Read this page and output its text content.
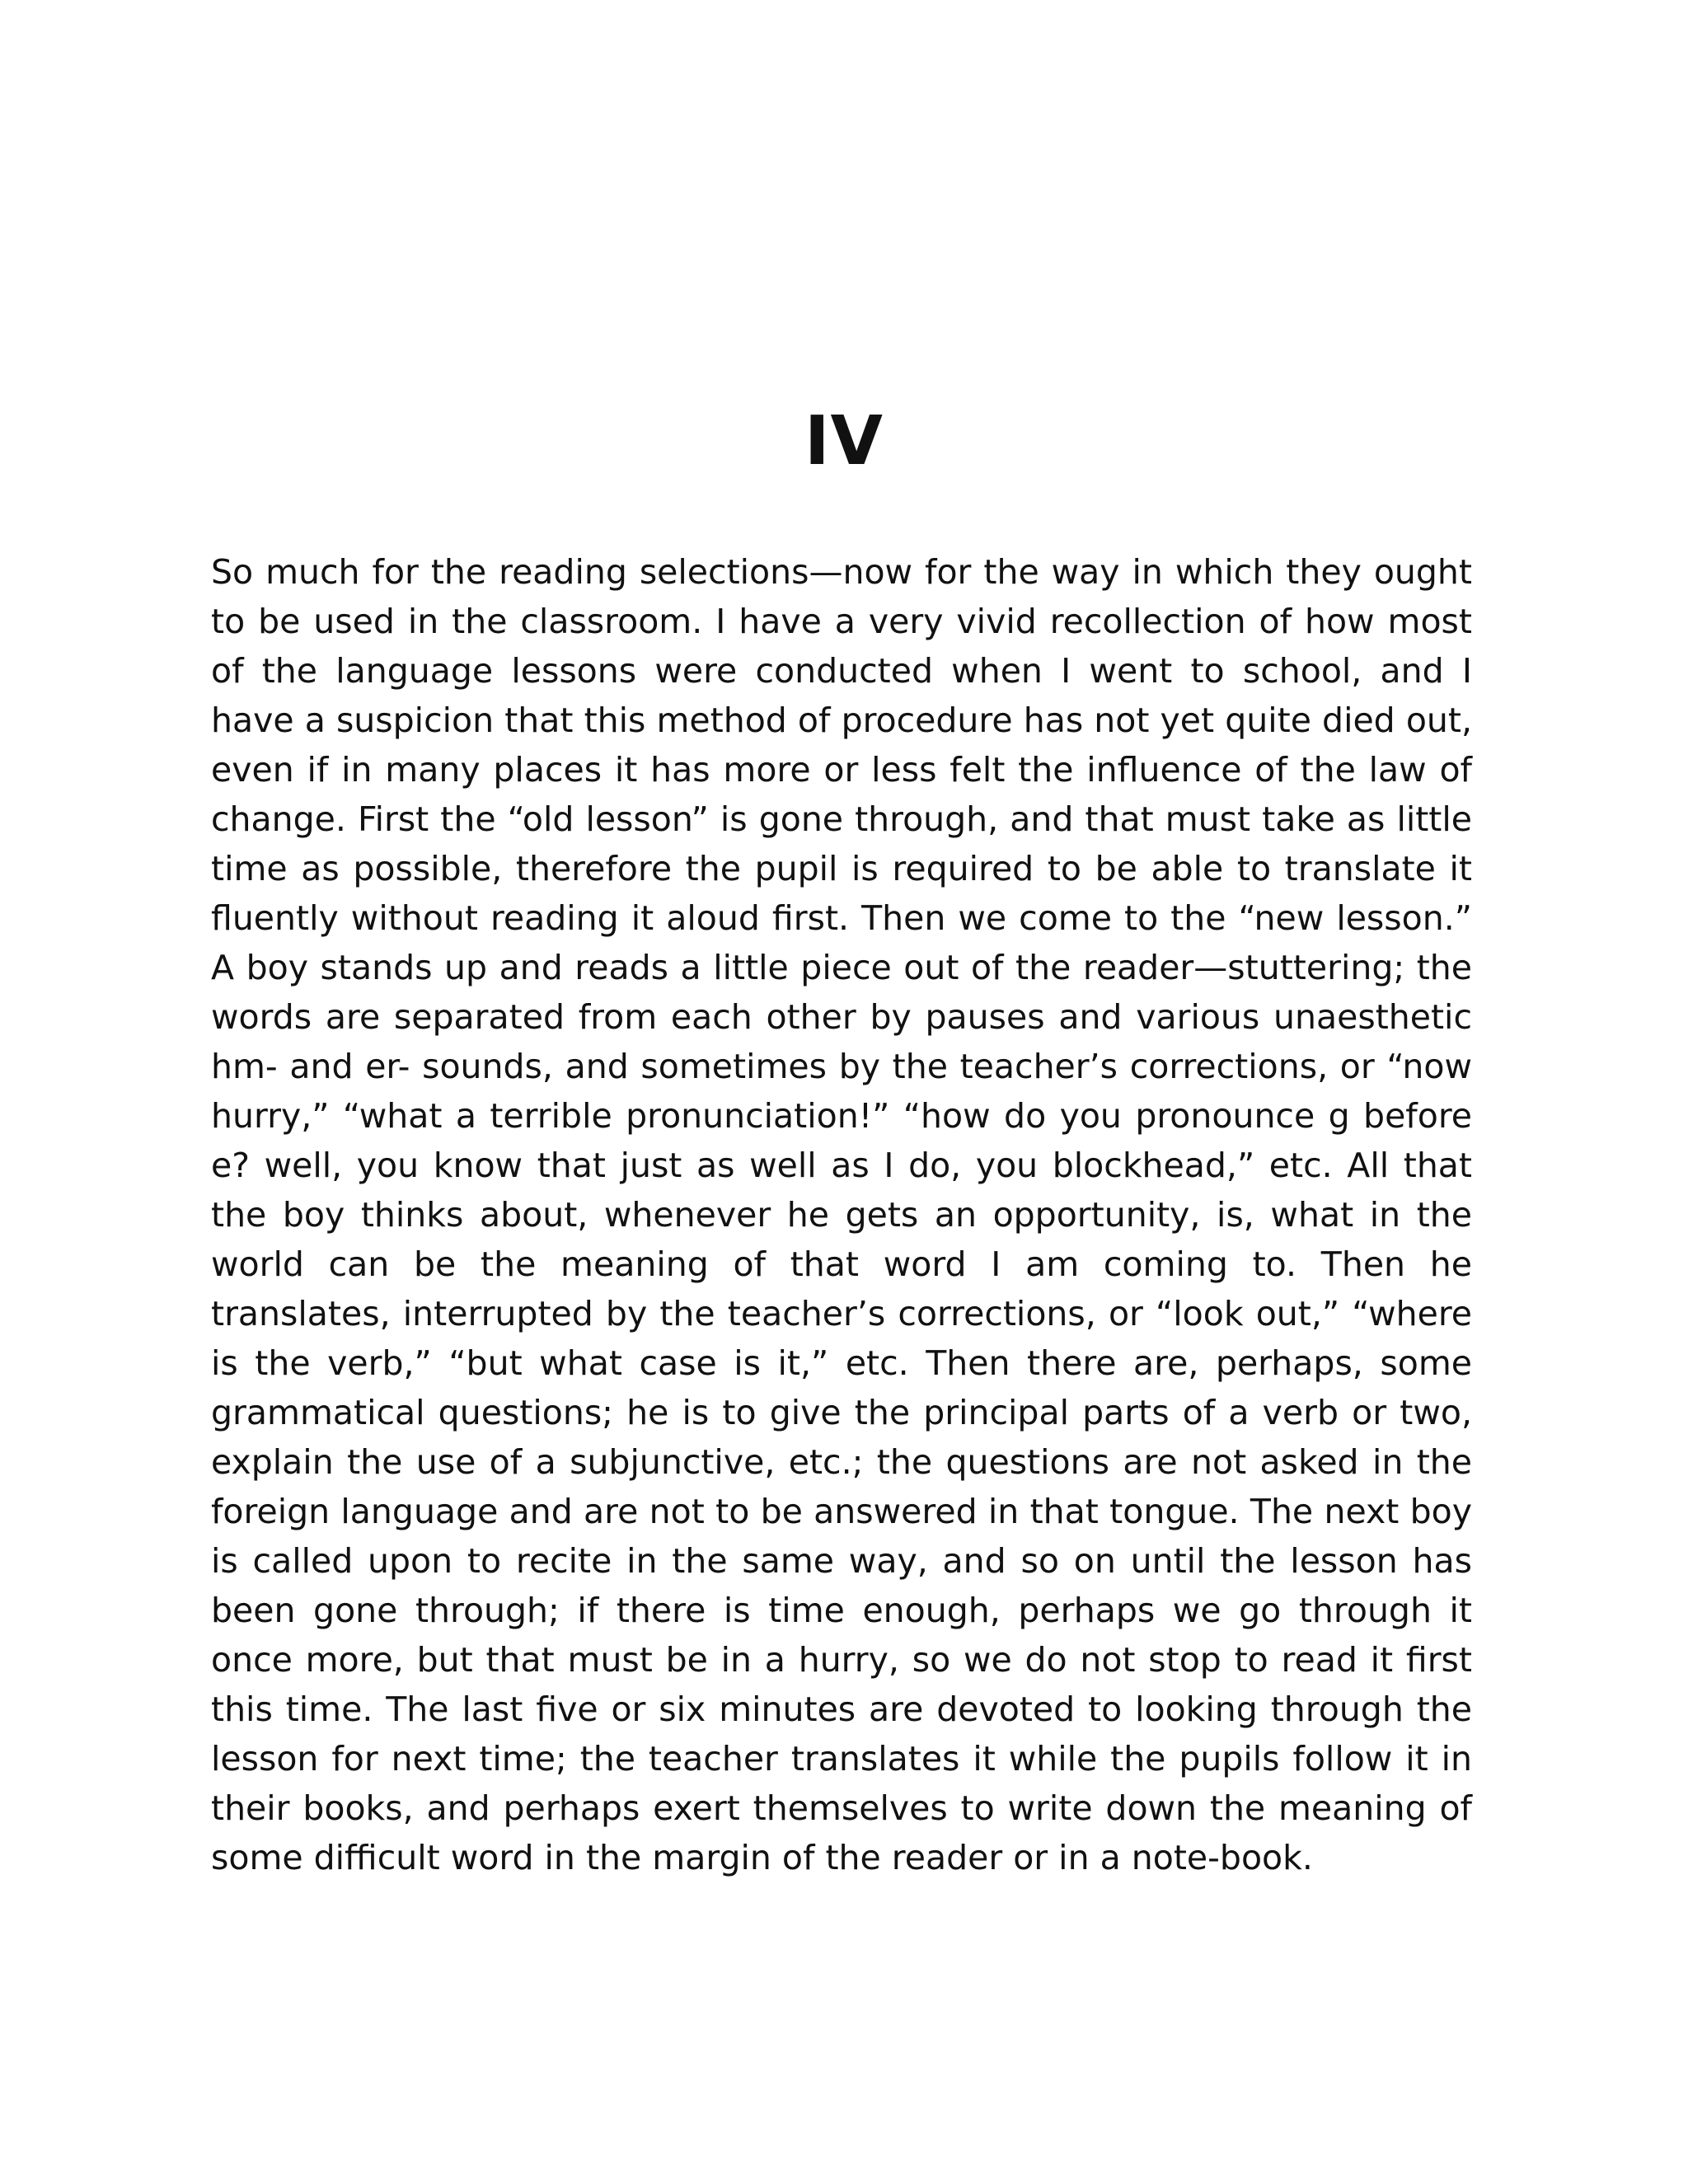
IV

So much for the reading selections—now for the way in which they ought to be used in the classroom. I have a very vivid recollection of how most of the language lessons were conducted when I went to school, and I have a suspicion that this method of procedure has not yet quite died out, even if in many places it has more or less felt the influence of the law of change. First the “old lesson” is gone through, and that must take as little time as possible, therefore the pupil is required to be able to translate it fluently without reading it aloud first. Then we come to the “new lesson.” A boy stands up and reads a little piece out of the reader—stuttering; the words are separated from each other by pauses and various unaesthetic hm- and er- sounds, and sometimes by the teacher’s corrections, or “now hurry,” “what a terrible pronunciation!” “how do you pronounce g before e? well, you know that just as well as I do, you blockhead,” etc. All that the boy thinks about, whenever he gets an opportunity, is, what in the world can be the meaning of that word I am coming to. Then he translates, interrupted by the teacher’s corrections, or “look out,” “where is the verb,” “but what case is it,” etc. Then there are, perhaps, some grammatical questions; he is to give the principal parts of a verb or two, explain the use of a subjunctive, etc.; the questions are not asked in the foreign language and are not to be answered in that tongue. The next boy is called upon to recite in the same way, and so on until the lesson has been gone through; if there is time enough, perhaps we go through it once more, but that must be in a hurry, so we do not stop to read it first this time. The last five or six minutes are devoted to looking through the lesson for next time; the teacher translates it while the pupils follow it in their books, and perhaps exert themselves to write down the meaning of some difficult word in the margin of the reader or in a note-book.
